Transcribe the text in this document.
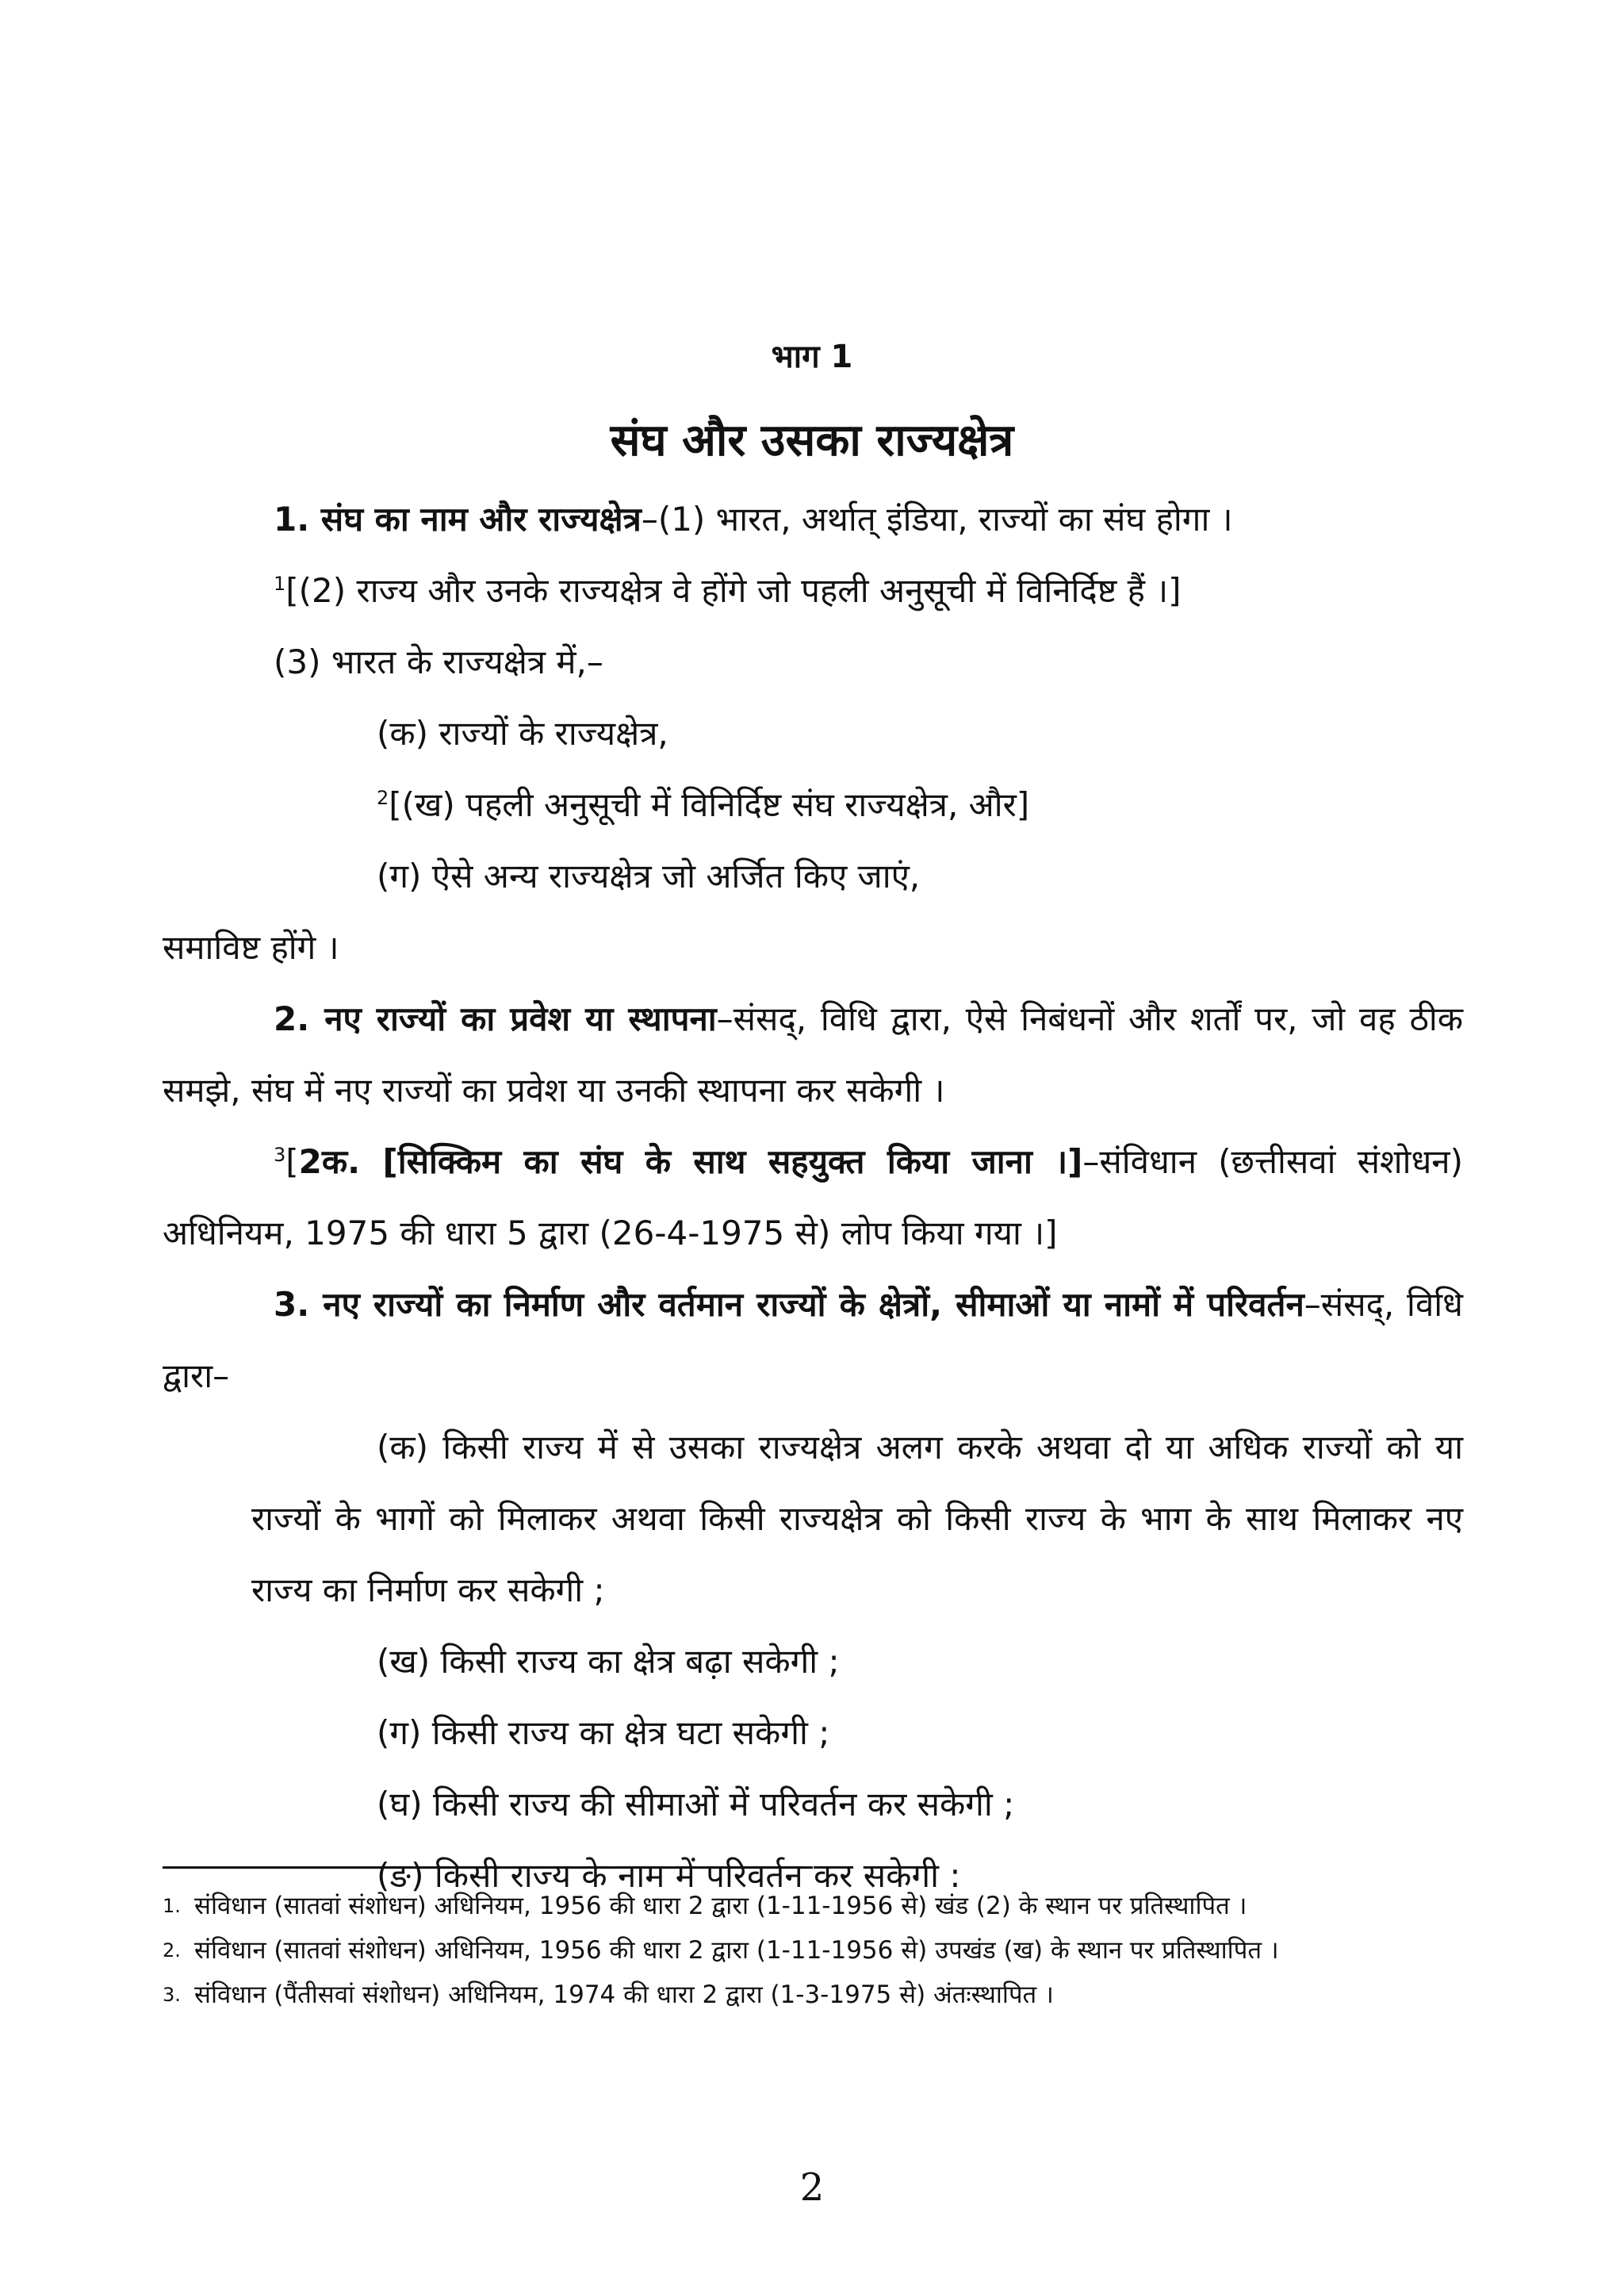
भाग 1
संघ और उसका राज्यक्षेत्र

1. संघ का नाम और राज्यक्षेत्र–(1) भारत, अर्थात् इंडिया, राज्यों का संघ होगा ।

$^1$[(2) राज्य और उनके राज्यक्षेत्र वे होंगे जो पहली अनुसूची में विनिर्दिष्ट हैं ।]

(3) भारत के राज्यक्षेत्र में,–

(क) राज्यों के राज्यक्षेत्र,

$^2$[(ख) पहली अनुसूची में विनिर्दिष्ट संघ राज्यक्षेत्र, और]

(ग) ऐसे अन्य राज्यक्षेत्र जो अर्जित किए जाएं,

समाविष्ट होंगे ।

2. नए राज्यों का प्रवेश या स्थापना–संसद्, विधि द्वारा, ऐसे निबंधनों और शर्तों पर, जो वह ठीक समझे, संघ में नए राज्यों का प्रवेश या उनकी स्थापना कर सकेगी ।

$^3$[2क. [सिक्किम का संघ के साथ सहयुक्त किया जाना ।]–संविधान (छत्तीसवां संशोधन) अधिनियम, 1975 की धारा 5 द्वारा (26-4-1975 से) लोप किया गया ।]

3. नए राज्यों का निर्माण और वर्तमान राज्यों के क्षेत्रों, सीमाओं या नामों में परिवर्तन–संसद्, विधि द्वारा–

(क) किसी राज्य में से उसका राज्यक्षेत्र अलग करके अथवा दो या अधिक राज्यों को या राज्यों के भागों को मिलाकर अथवा किसी राज्यक्षेत्र को किसी राज्य के भाग के साथ मिलाकर नए राज्य का निर्माण कर सकेगी ;

(ख) किसी राज्य का क्षेत्र बढ़ा सकेगी ;

(ग) किसी राज्य का क्षेत्र घटा सकेगी ;

(घ) किसी राज्य की सीमाओं में परिवर्तन कर सकेगी ;

(ङ) किसी राज्य के नाम में परिवर्तन कर सकेगी :

1. संविधान (सातवां संशोधन) अधिनियम, 1956 की धारा 2 द्वारा (1-11-1956 से) खंड (2) के स्थान पर प्रतिस्थापित ।
2. संविधान (सातवां संशोधन) अधिनियम, 1956 की धारा 2 द्वारा (1-11-1956 से) उपखंड (ख) के स्थान पर प्रतिस्थापित ।
3. संविधान (पैंतीसवां संशोधन) अधिनियम, 1974 की धारा 2 द्वारा (1-3-1975 से) अंतःस्थापित ।
2
